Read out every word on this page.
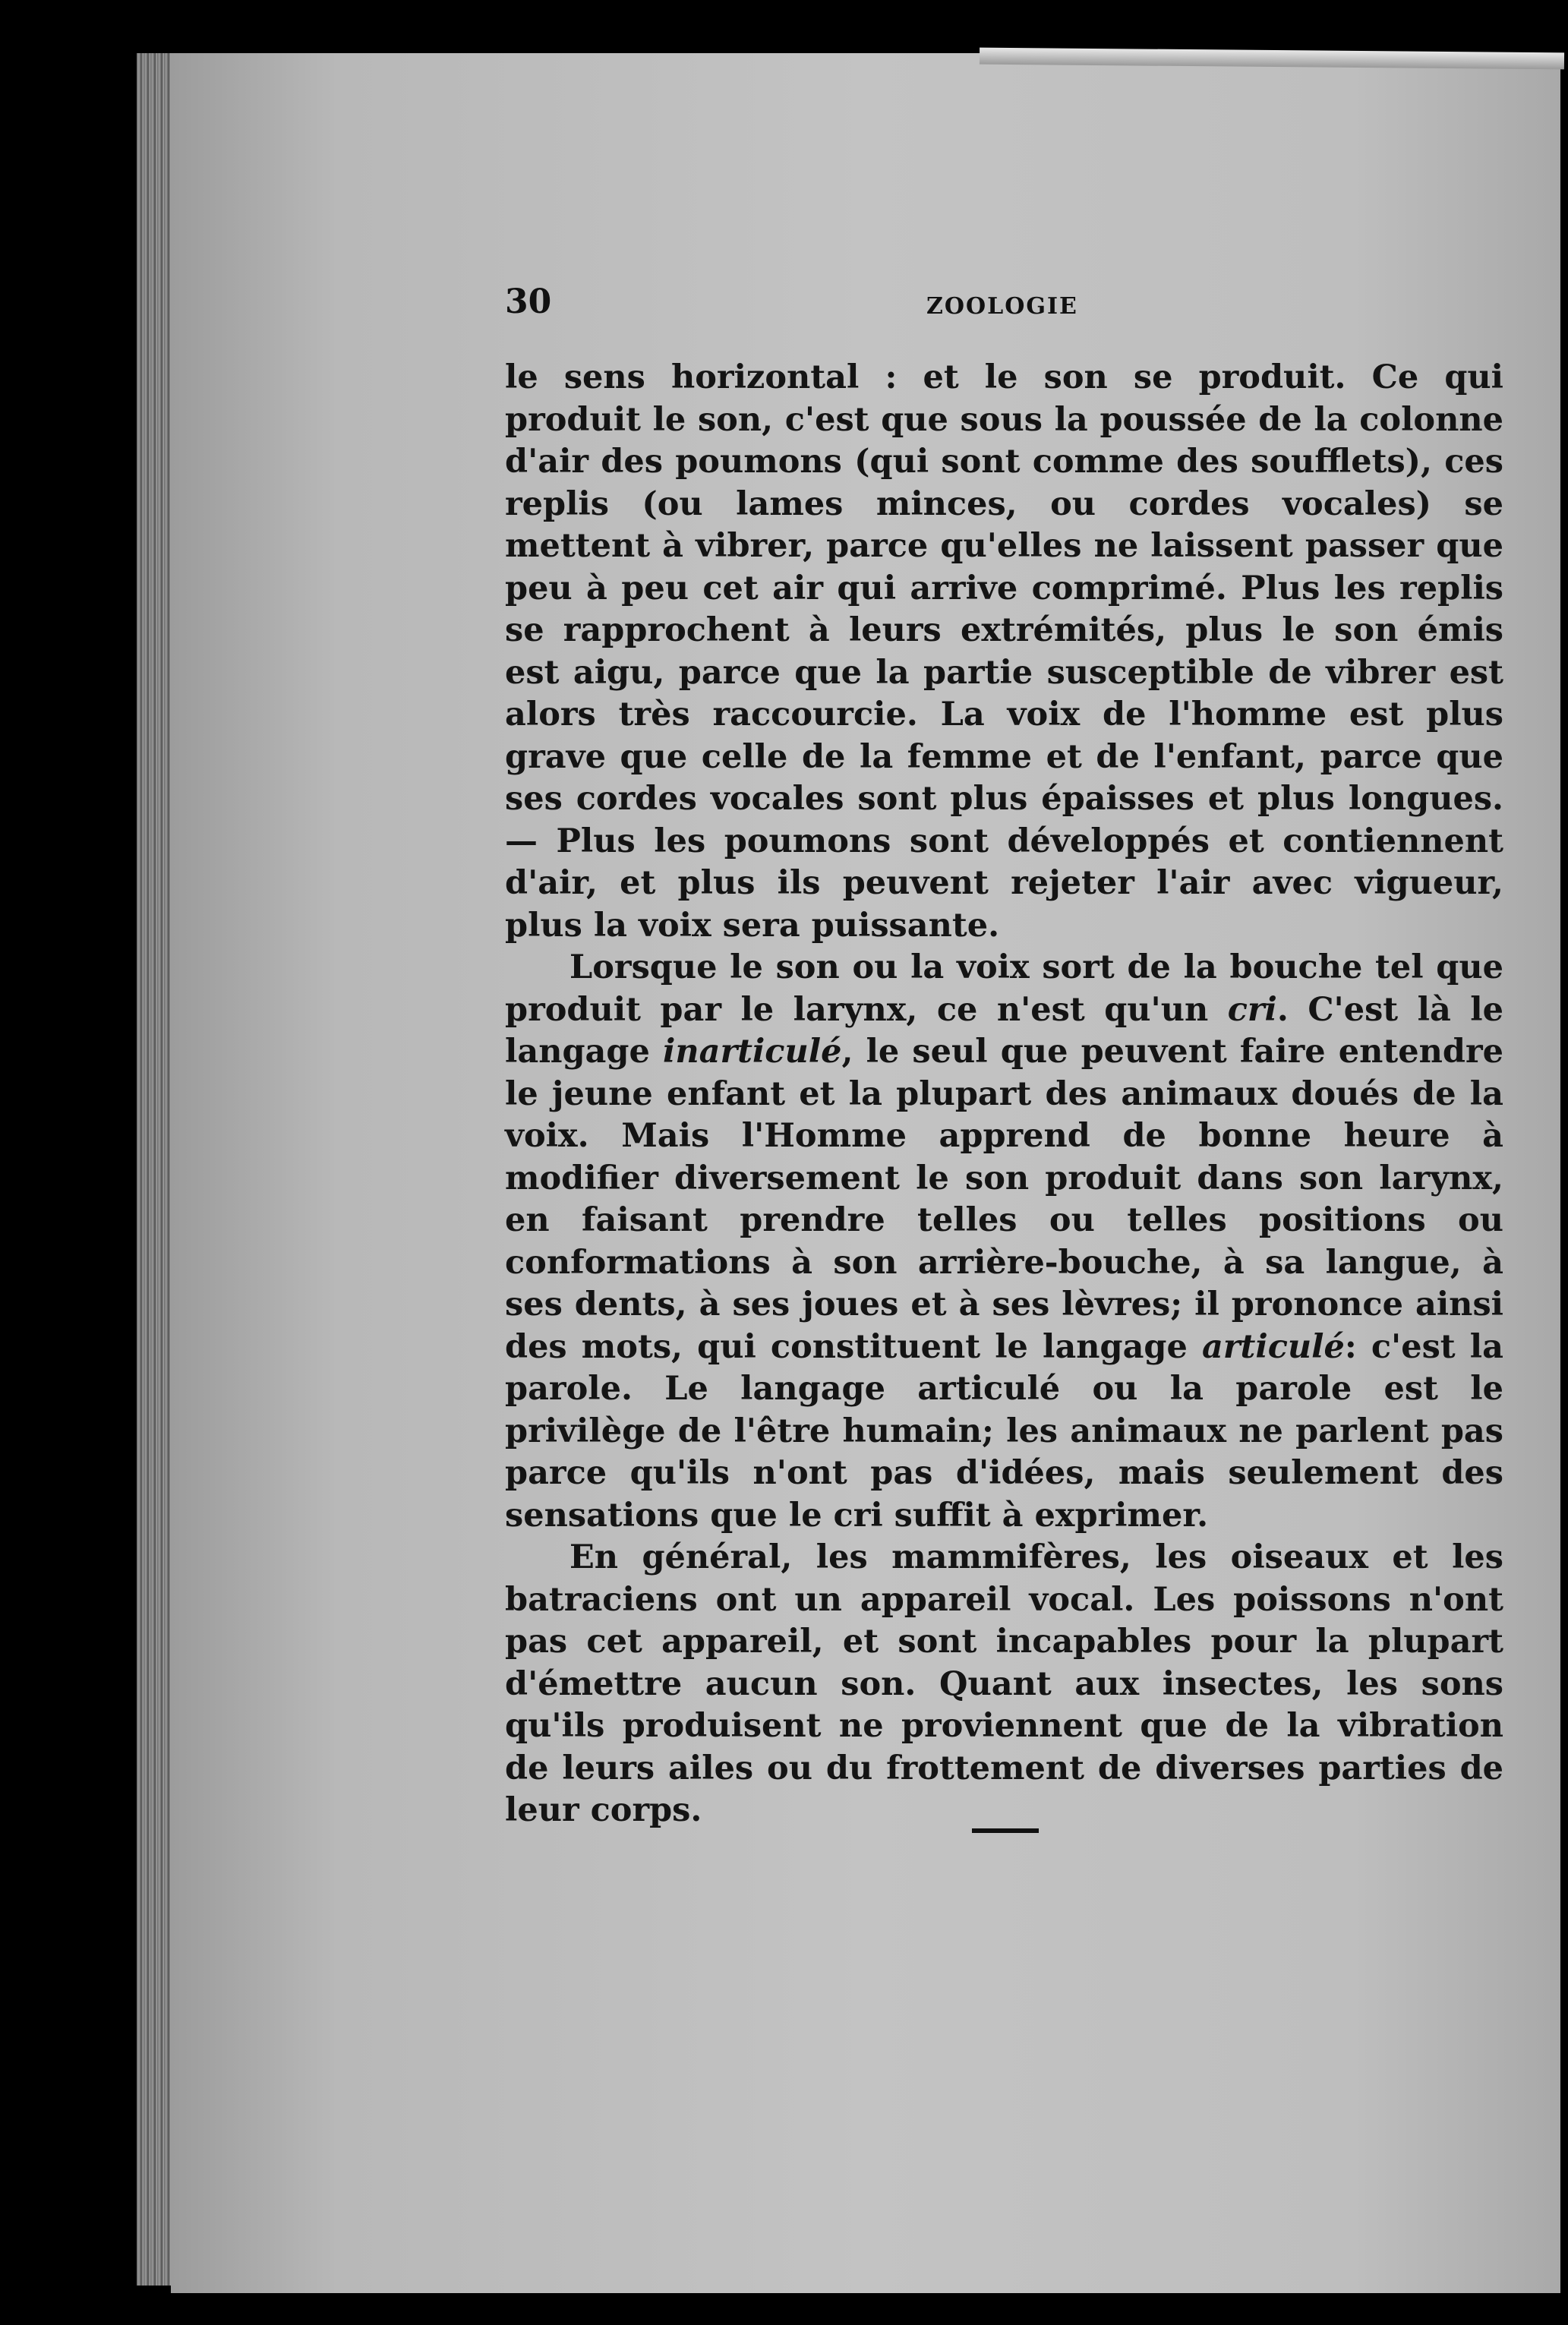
30	ZOOLOGIE

le sens horizontal : et le son se produit. Ce qui produit le son, c'est que sous la poussée de la colonne d'air des poumons (qui sont comme des soufflets), ces replis (ou lames minces, ou cordes vocales) se mettent à vibrer, parce qu'elles ne laissent passer que peu à peu cet air qui arrive comprimé. Plus les replis se rapprochent à leurs extrémités, plus le son émis est aigu, parce que la partie susceptible de vibrer est alors très raccourcie. La voix de l'homme est plus grave que celle de la femme et de l'enfant, parce que ses cordes vocales sont plus épaisses et plus longues. — Plus les poumons sont développés et contiennent d'air, et plus ils peuvent rejeter l'air avec vigueur, plus la voix sera puissante.

Lorsque le son ou la voix sort de la bouche tel que produit par le larynx, ce n'est qu'un cri. C'est là le langage inarticulé, le seul que peuvent faire entendre le jeune enfant et la plupart des animaux doués de la voix. Mais l'Homme apprend de bonne heure à modifier diversement le son produit dans son larynx, en faisant prendre telles ou telles positions ou conformations à son arrière-bouche, à sa langue, à ses dents, à ses joues et à ses lèvres; il prononce ainsi des mots, qui constituent le langage articulé: c'est la parole. Le langage articulé ou la parole est le privilège de l'être humain; les animaux ne parlent pas parce qu'ils n'ont pas d'idées, mais seulement des sensations que le cri suffit à exprimer.

En général, les mammifères, les oiseaux et les batraciens ont un appareil vocal. Les poissons n'ont pas cet appareil, et sont incapables pour la plupart d'émettre aucun son. Quant aux insectes, les sons qu'ils produisent ne proviennent que de la vibration de leurs ailes ou du frottement de diverses parties de leur corps.
